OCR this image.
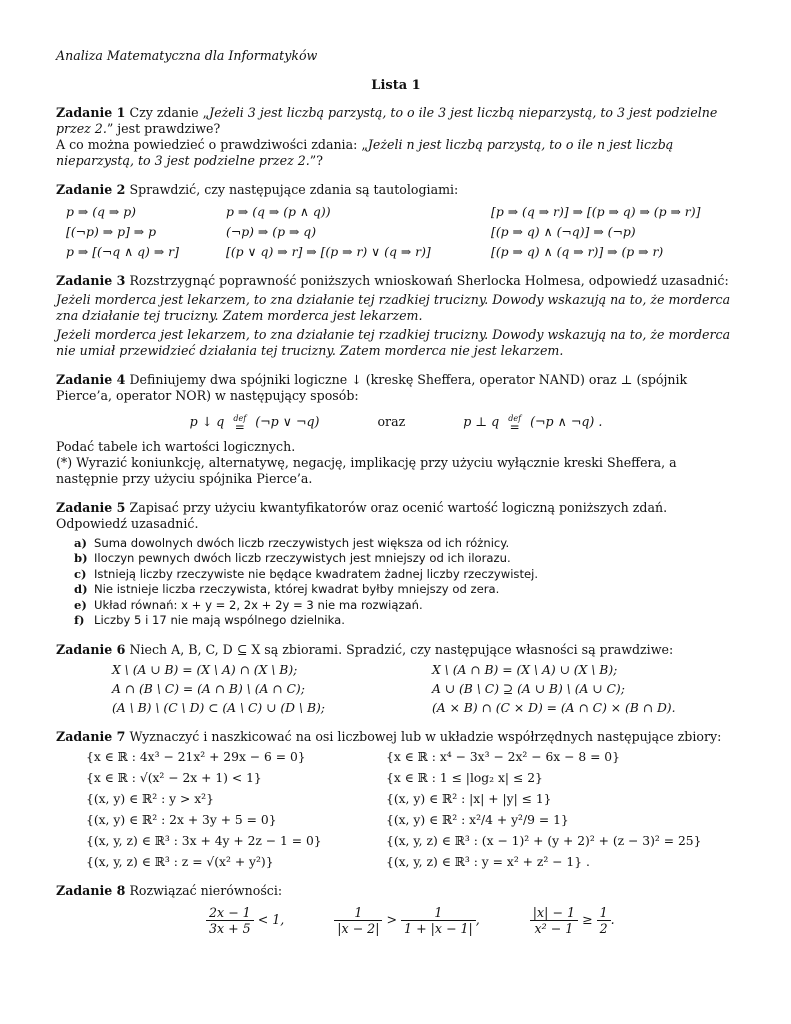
Analiza Matematyczna dla Informatyków
Lista 1

Zadanie 1 Czy zdanie „Jeżeli 3 jest liczbą parzystą, to o ile 3 jest liczbą nieparzystą, to 3 jest podzielne przez 2.” jest prawdziwe?

A co można powiedzieć o prawdziwości zdania: „Jeżeli n jest liczbą parzystą, to o ile n jest liczbą nieparzystą, to 3 jest podzielne przez 2.”?

Zadanie 2 Sprawdzić, czy następujące zdania są tautologiami:

p ⇒ (q ⇒ p)	p ⇒ (q ⇒ (p ∧ q))	[p ⇒ (q ⇒ r)] ⇒ [(p ⇒ q) ⇒ (p ⇒ r)]
[(¬p) ⇒ p] ⇒ p	(¬p) ⇒ (p ⇒ q)	[(p ⇒ q) ∧ (¬q)] ⇒ (¬p)
p ⇒ [(¬q ∧ q) ⇒ r]	[(p ∨ q) ⇒ r] ⇒ [(p ⇒ r) ∨ (q ⇒ r)]	[(p ⇒ q) ∧ (q ⇒ r)] ⇒ (p ⇒ r)

Zadanie 3 Rozstrzygnąć poprawność poniższych wnioskowań Sherlocka Holmesa, odpowiedź uzasadnić:

Jeżeli morderca jest lekarzem, to zna działanie tej rzadkiej trucizny. Dowody wskazują na to, że morderca zna działanie tej trucizny. Zatem morderca jest lekarzem.

Jeżeli morderca jest lekarzem, to zna działanie tej rzadkiej trucizny. Dowody wskazują na to, że morderca nie umiał przewidzieć działania tej trucizny. Zatem morderca nie jest lekarzem.

Zadanie 4 Definiujemy dwa spójniki logiczne ↓ (kreskę Sheffera, operator NAND) oraz ⊥ (spójnik Pierce’a, operator NOR) w następujący sposób:

p ↓ q def
= (¬p ∨ ¬q)	oraz	p ⊥ q def
= (¬p ∧ ¬q) .

Podać tabele ich wartości logicznych.

(*) Wyrazić koniunkcję, alternatywę, negację, implikację przy użyciu wyłącznie kreski Sheffera, a następnie przy użyciu spójnika Pierce’a.

Zadanie 5 Zapisać przy użyciu kwantyfikatorów oraz ocenić wartość logiczną poniższych zdań. Odpowiedź uzasadnić.

a) Suma dowolnych dwóch liczb rzeczywistych jest większa od ich różnicy.
b) Iloczyn pewnych dwóch liczb rzeczywistych jest mniejszy od ich ilorazu.
c) Istnieją liczby rzeczywiste nie będące kwadratem żadnej liczby rzeczywistej.
d) Nie istnieje liczba rzeczywista, której kwadrat byłby mniejszy od zera.
e) Układ równań: x + y = 2, 2x + 2y = 3 nie ma rozwiązań.
f) Liczby 5 i 17 nie mają wspólnego dzielnika.

Zadanie 6 Niech A, B, C, D ⊆ X są zbiorami. Spradzić, czy następujące własności są prawdziwe:

X \ (A ∪ B) = (X \ A) ∩ (X \ B);	X \ (A ∩ B) = (X \ A) ∪ (X \ B);
A ∩ (B \ C) = (A ∩ B) \ (A ∩ C);	A ∪ (B \ C) ⊇ (A ∪ B) \ (A ∪ C);
(A \ B) \ (C \ D) ⊂ (A \ C) ∪ (D \ B);	(A × B) ∩ (C × D) = (A ∩ C) × (B ∩ D).

Zadanie 7 Wyznaczyć i naszkicować na osi liczbowej lub w układzie współrzędnych następujące zbiory:

{x ∈ ℝ : 4x³ − 21x² + 29x − 6 = 0}	{x ∈ ℝ : x⁴ − 3x³ − 2x² − 6x − 8 = 0}
{x ∈ ℝ : √(x² − 2x + 1) < 1}	{x ∈ ℝ : 1 ≤ |log₂ x| ≤ 2}
{(x, y) ∈ ℝ² : y > x²}	{(x, y) ∈ ℝ² : |x| + |y| ≤ 1}
{(x, y) ∈ ℝ² : 2x + 3y + 5 = 0}	{(x, y) ∈ ℝ² : x²/4 + y²/9 = 1}
{(x, y, z) ∈ ℝ³ : 3x + 4y + 2z − 1 = 0}	{(x, y, z) ∈ ℝ³ : (x − 1)² + (y + 2)² + (z − 3)² = 25}
{(x, y, z) ∈ ℝ³ : z = √(x² + y²)}	{(x, y, z) ∈ ℝ³ : y = x² + z² − 1} .

Zadanie 8 Rozwiązać nierówności:

$\frac{2x - 1}{3x + 5} < 1$,	$\frac{1}{|x - 2|} > \frac{1}{1 + |x - 1|}$ ,	$\frac{|x| - 1}{\text{x² − 1}} \ge \frac{1}{2}$ .
